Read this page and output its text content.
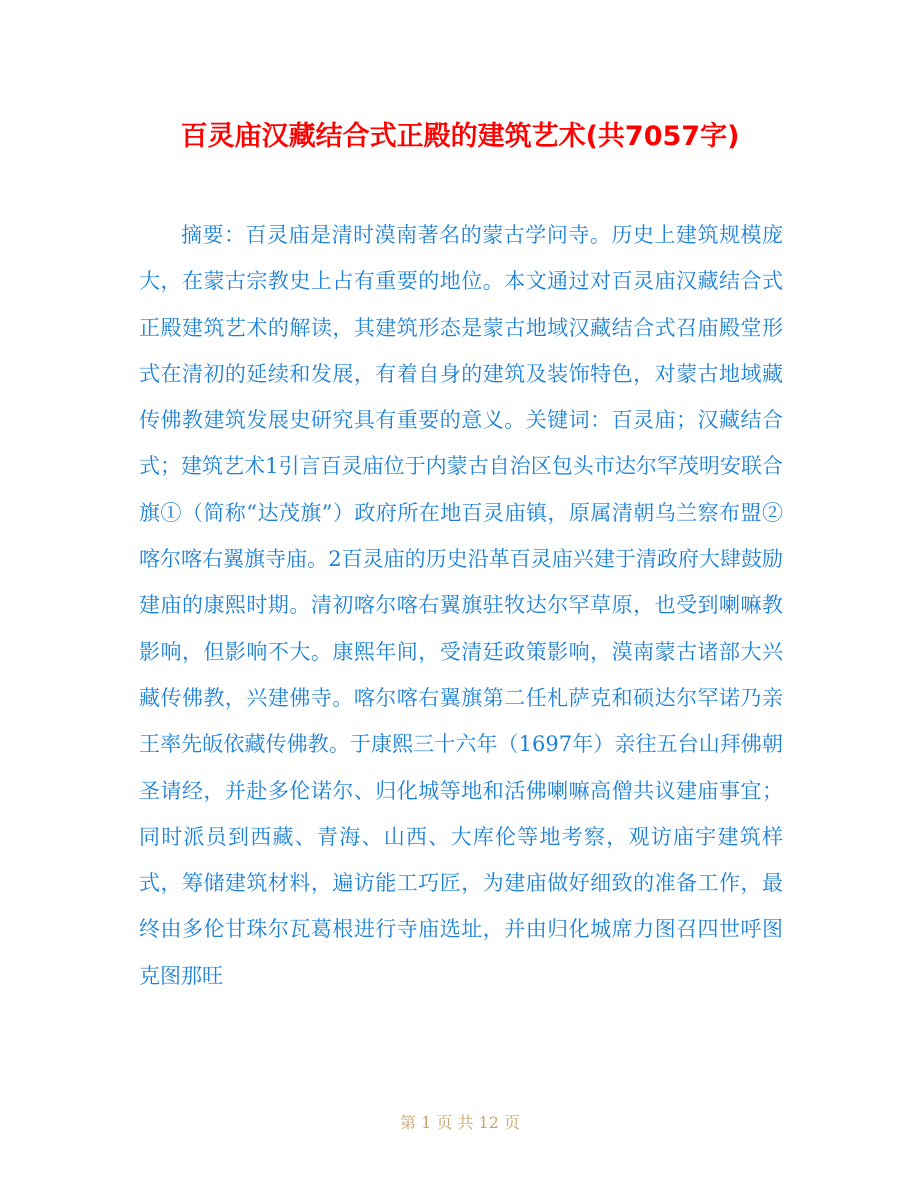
百灵庙汉藏结合式正殿的建筑艺术(共7057字)

摘要：百灵庙是清时漠南著名的蒙古学问寺。历史上建筑规模庞大，在蒙古宗教史上占有重要的地位。本文通过对百灵庙汉藏结合式正殿建筑艺术的解读，其建筑形态是蒙古地域汉藏结合式召庙殿堂形式在清初的延续和发展，有着自身的建筑及装饰特色，对蒙古地域藏传佛教建筑发展史研究具有重要的意义。关键词：百灵庙；汉藏结合式；建筑艺术1引言百灵庙位于内蒙古自治区包头市达尔罕茂明安联合旗①（简称“达茂旗”）政府所在地百灵庙镇，原属清朝乌兰察布盟②喀尔喀右翼旗寺庙。2百灵庙的历史沿革百灵庙兴建于清政府大肆鼓励建庙的康熙时期。清初喀尔喀右翼旗驻牧达尔罕草原，也受到喇嘛教影响，但影响不大。康熙年间，受清廷政策影响，漠南蒙古诸部大兴藏传佛教，兴建佛寺。喀尔喀右翼旗第二任札萨克和硕达尔罕诺乃亲王率先皈依藏传佛教。于康熙三十六年（1697年）亲往五台山拜佛朝圣请经，并赴多伦诺尔、归化城等地和活佛喇嘛高僧共议建庙事宜；同时派员到西藏、青海、山西、大库伦等地考察，观访庙宇建筑样式，筹储建筑材料，遍访能工巧匠，为建庙做好细致的准备工作，最终由多伦甘珠尔瓦葛根进行寺庙选址，并由归化城席力图召四世呼图克图那旺

第 1 页 共 12 页
